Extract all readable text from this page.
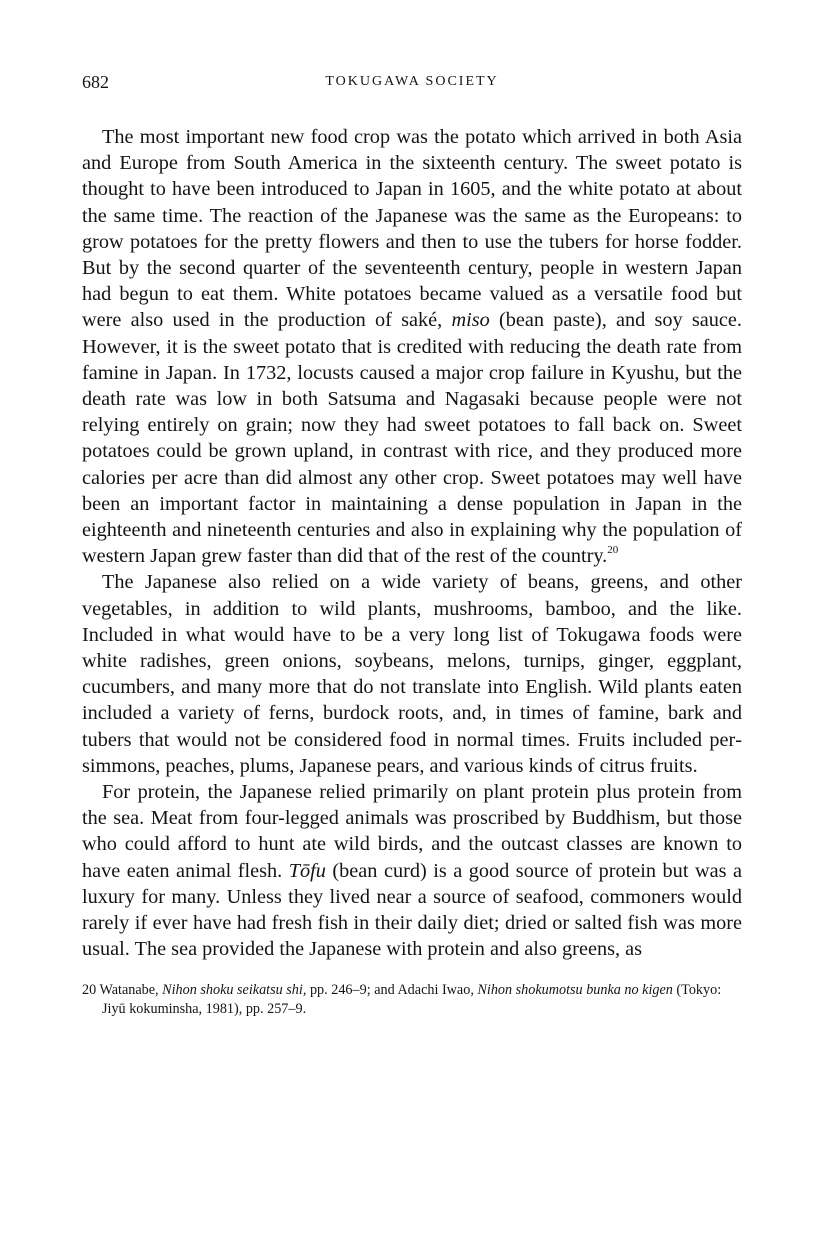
682	TOKUGAWA SOCIETY

The most important new food crop was the potato which arrived in both Asia and Europe from South America in the sixteenth century. The sweet potato is thought to have been introduced to Japan in 1605, and the white potato at about the same time. The reaction of the Japanese was the same as the Europeans: to grow potatoes for the pretty flowers and then to use the tubers for horse fodder. But by the second quarter of the seventeenth century, people in western Japan had begun to eat them. White potatoes became valued as a versatile food but were also used in the production of saké, miso (bean paste), and soy sauce. However, it is the sweet potato that is credited with reducing the death rate from famine in Japan. In 1732, locusts caused a major crop failure in Kyushu, but the death rate was low in both Satsuma and Nagasaki because people were not relying entirely on grain; now they had sweet potatoes to fall back on. Sweet potatoes could be grown upland, in contrast with rice, and they produced more calories per acre than did almost any other crop. Sweet potatoes may well have been an important factor in maintaining a dense population in Japan in the eighteenth and nineteenth centuries and also in explaining why the population of western Japan grew faster than did that of the rest of the country.$^{20}$

The Japanese also relied on a wide variety of beans, greens, and other vegetables, in addition to wild plants, mushrooms, bamboo, and the like. Included in what would have to be a very long list of Tokugawa foods were white radishes, green onions, soybeans, melons, turnips, ginger, eggplant, cucumbers, and many more that do not translate into English. Wild plants eaten included a variety of ferns, burdock roots, and, in times of famine, bark and tubers that would not be considered food in normal times. Fruits included persimmons, peaches, plums, Japanese pears, and various kinds of citrus fruits.

For protein, the Japanese relied primarily on plant protein plus protein from the sea. Meat from four-legged animals was proscribed by Buddhism, but those who could afford to hunt ate wild birds, and the outcast classes are known to have eaten animal flesh. Tōfu (bean curd) is a good source of protein but was a luxury for many. Unless they lived near a source of seafood, commoners would rarely if ever have had fresh fish in their daily diet; dried or salted fish was more usual. The sea provided the Japanese with protein and also greens, as

20 Watanabe, Nihon shoku seikatsu shi, pp. 246–9; and Adachi Iwao, Nihon shokumotsu bunka no kigen (Tokyo: Jiyū kokuminsha, 1981), pp. 257–9.
